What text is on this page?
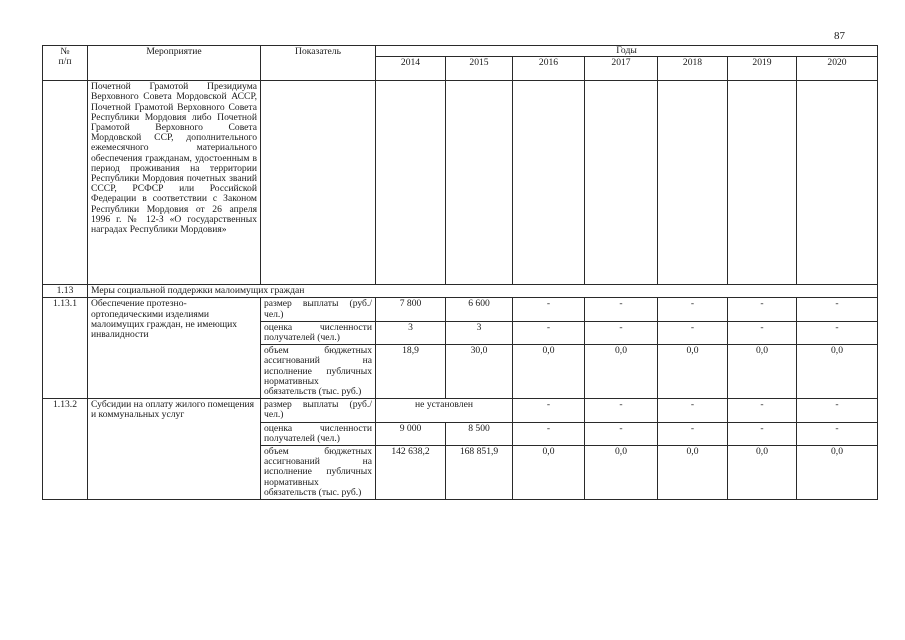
87
№
п/п	Мероприятие	Показатель	Годы						
			2014	2015	2016	2017	2018	2019	2020
	Почетной Грамотой Президиума Верховного Совета Мордовской АССР, Почетной Грамотой Верховного Совета Республики Мордовия либо Почетной Грамотой Верховного Совета Мордовской ССР, дополнительного ежемесячного материального обеспечения гражданам, удостоенным в период проживания на территории Республики Мордовия почетных званий СССР, РСФСР или Российской Федерации в соответствии с Законом Республики Мордовия от 26 апреля 1996 г. № 12-З «О государственных наградах Республики Мордовия»								
1.13	Меры социальной поддержки малоимущих граждан								
1.13.1	Обеспечение протезно-ортопедическими изделиями малоимущих граждан, не имеющих инвалидности	размер выплаты (руб./ чел.)	7 800	6 600	-	-	-	-	-
		оценка численности получателей (чел.)	3	3	-	-	-	-	-
		объем бюджетных ассигнований на исполнение публичных нормативных обязательств (тыс. руб.)	18,9	30,0	0,0	0,0	0,0	0,0	0,0
1.13.2	Субсидии на оплату жилого помещения и коммунальных услуг	размер выплаты (руб./ чел.)	не установлен		-	-	-	-	-
		оценка численности получателей (чел.)	9 000	8 500	-	-	-	-	-
		объем бюджетных ассигнований на исполнение публичных нормативных обязательств (тыс. руб.)	142 638,2	168 851,9	0,0	0,0	0,0	0,0	0,0
